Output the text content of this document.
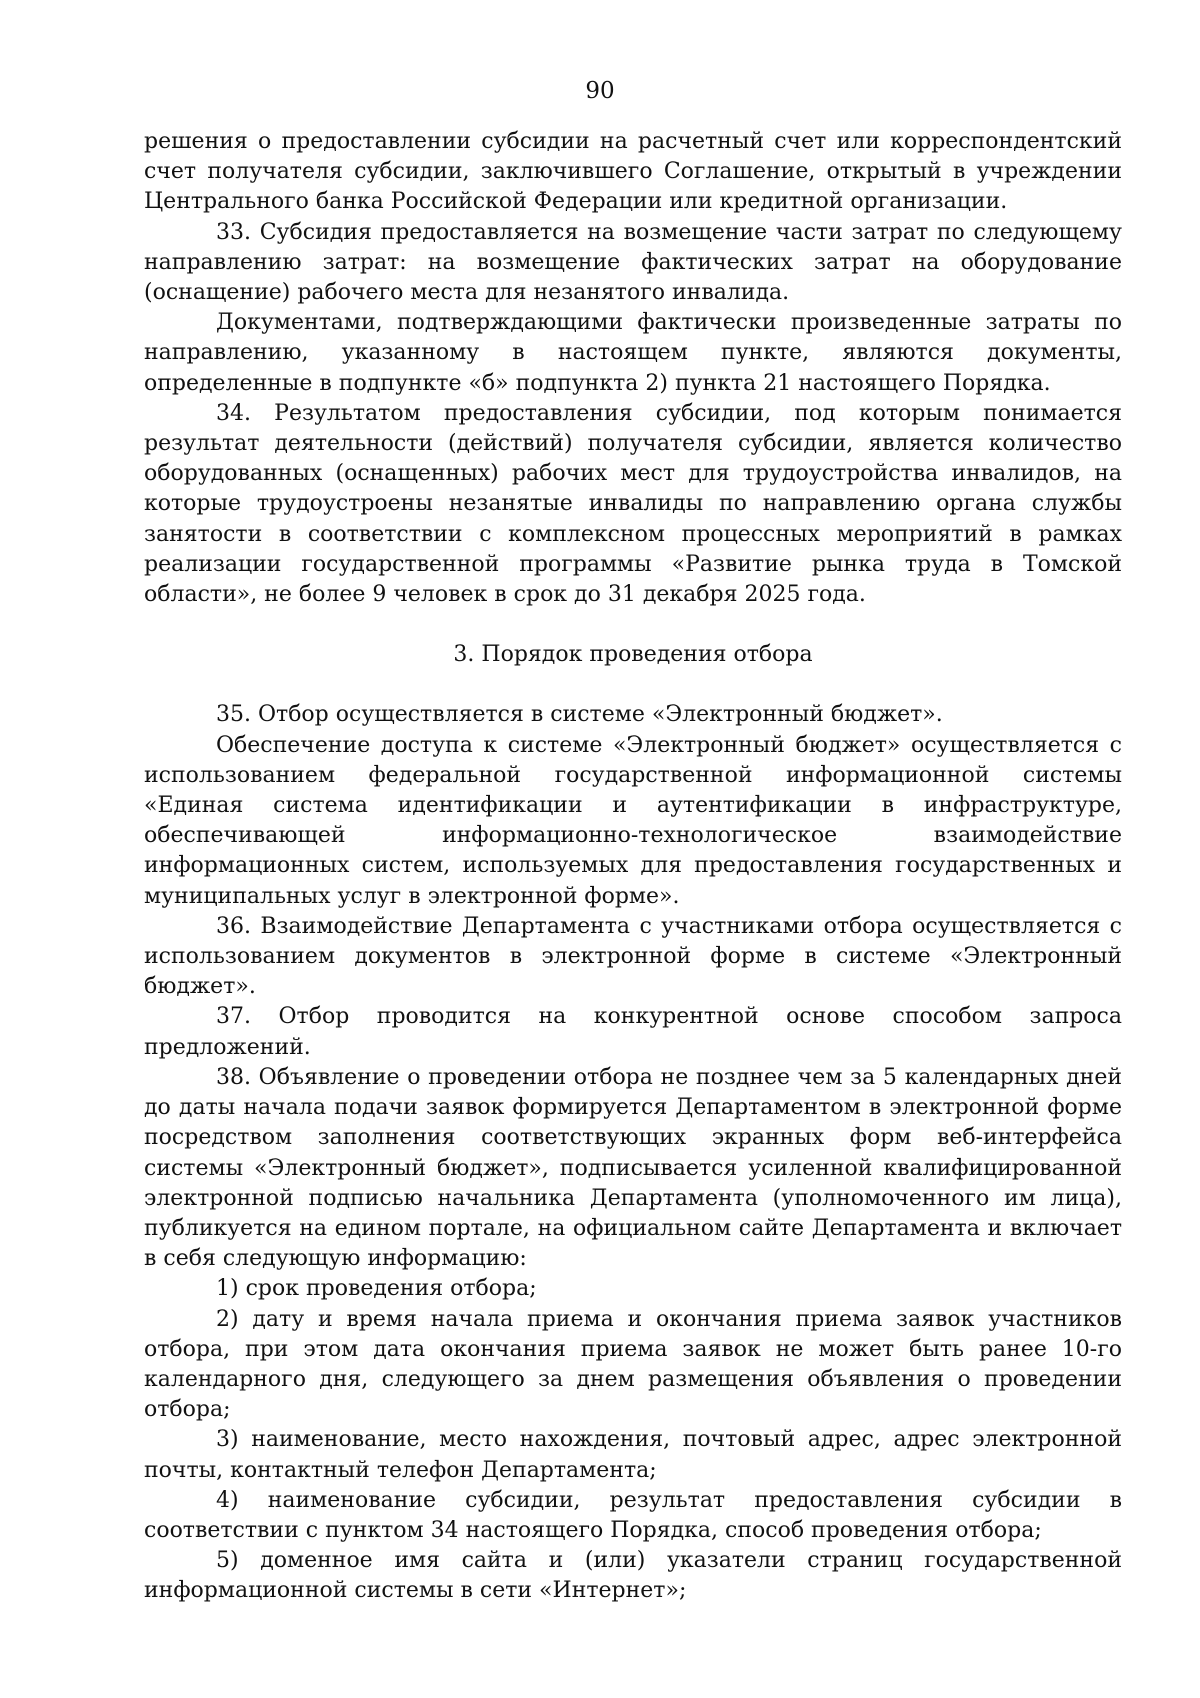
90

решения о предоставлении субсидии на расчетный счет или корреспондентский счет получателя субсидии, заключившего Соглашение, открытый в учреждении Центрального банка Российской Федерации или кредитной организации.

33. Субсидия предоставляется на возмещение части затрат по следующему направлению затрат: на возмещение фактических затрат на оборудование (оснащение) рабочего места для незанятого инвалида.

Документами, подтверждающими фактически произведенные затраты по направлению, указанному в настоящем пункте, являются документы, определенные в подпункте «б» подпункта 2) пункта 21 настоящего Порядка.

34. Результатом предоставления субсидии, под которым понимается результат деятельности (действий) получателя субсидии, является количество оборудованных (оснащенных) рабочих мест для трудоустройства инвалидов, на которые трудоустроены незанятые инвалиды по направлению органа службы занятости в соответствии с комплексном процессных мероприятий в рамках реализации государственной программы «Развитие рынка труда в Томской области», не более 9 человек в срок до 31 декабря 2025 года.

3. Порядок проведения отбора

35. Отбор осуществляется в системе «Электронный бюджет».

Обеспечение доступа к системе «Электронный бюджет» осуществляется с использованием федеральной государственной информационной системы «Единая система идентификации и аутентификации в инфраструктуре, обеспечивающей информационно-технологическое взаимодействие информационных систем, используемых для предоставления государственных и муниципальных услуг в электронной форме».

36. Взаимодействие Департамента с участниками отбора осуществляется с использованием документов в электронной форме в системе «Электронный бюджет».

37. Отбор проводится на конкурентной основе способом запроса предложений.

38. Объявление о проведении отбора не позднее чем за 5 календарных дней до даты начала подачи заявок формируется Департаментом в электронной форме посредством заполнения соответствующих экранных форм веб-интерфейса системы «Электронный бюджет», подписывается усиленной квалифицированной электронной подписью начальника Департамента (уполномоченного им лица), публикуется на едином портале, на официальном сайте Департамента и включает в себя следующую информацию:

1) срок проведения отбора;

2) дату и время начала приема и окончания приема заявок участников отбора, при этом дата окончания приема заявок не может быть ранее 10-го календарного дня, следующего за днем размещения объявления о проведении отбора;

3) наименование, место нахождения, почтовый адрес, адрес электронной почты, контактный телефон Департамента;

4) наименование субсидии, результат предоставления субсидии в соответствии с пунктом 34 настоящего Порядка, способ проведения отбора;

5) доменное имя сайта и (или) указатели страниц государственной информационной системы в сети «Интернет»;
